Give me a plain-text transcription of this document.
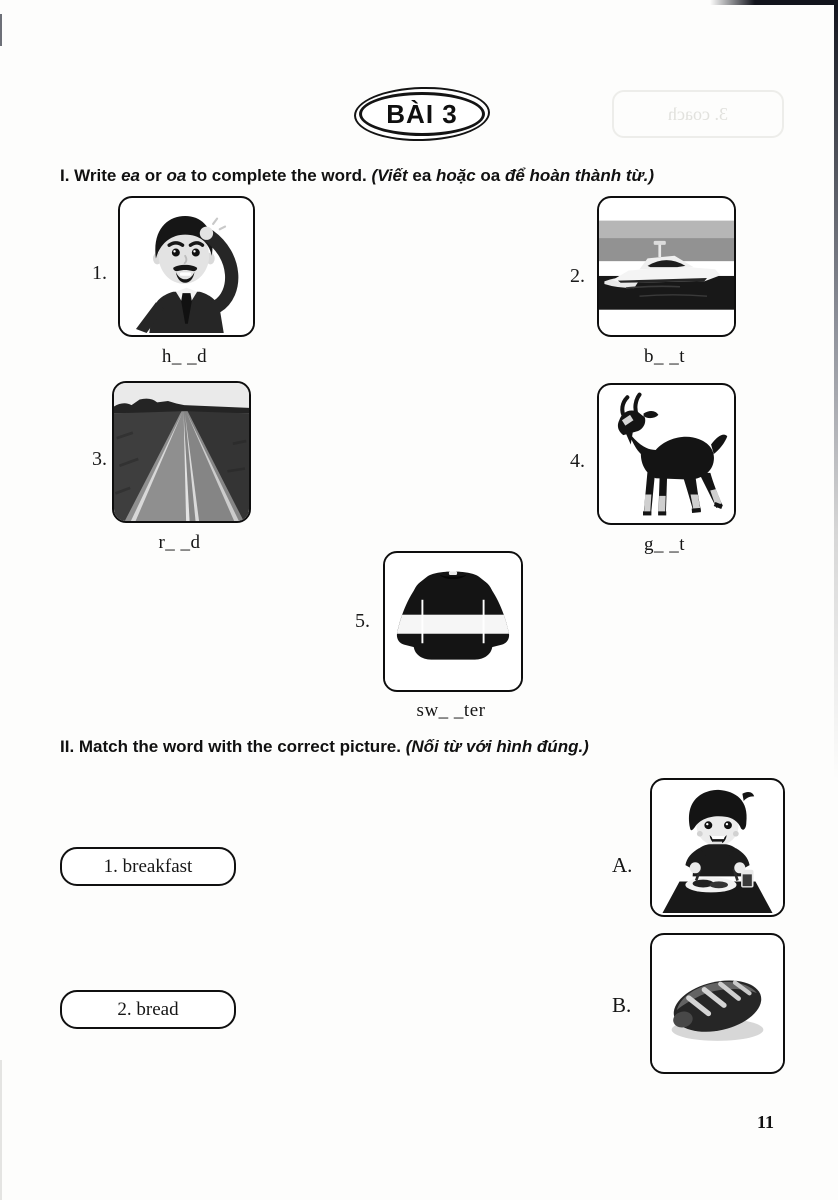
3. coach
BÀI 3
I. Write ea or oa to complete the word. (Viết ea hoặc oa để hoàn thành từ.)
1.
h_ _d
2.
b_ _t
3.
r_ _d
4.
g_ _t
5.
sw_ _ter
II. Match the word with the correct picture. (Nối từ với hình đúng.)
1. breakfast
2. bread
A.
B.
11
